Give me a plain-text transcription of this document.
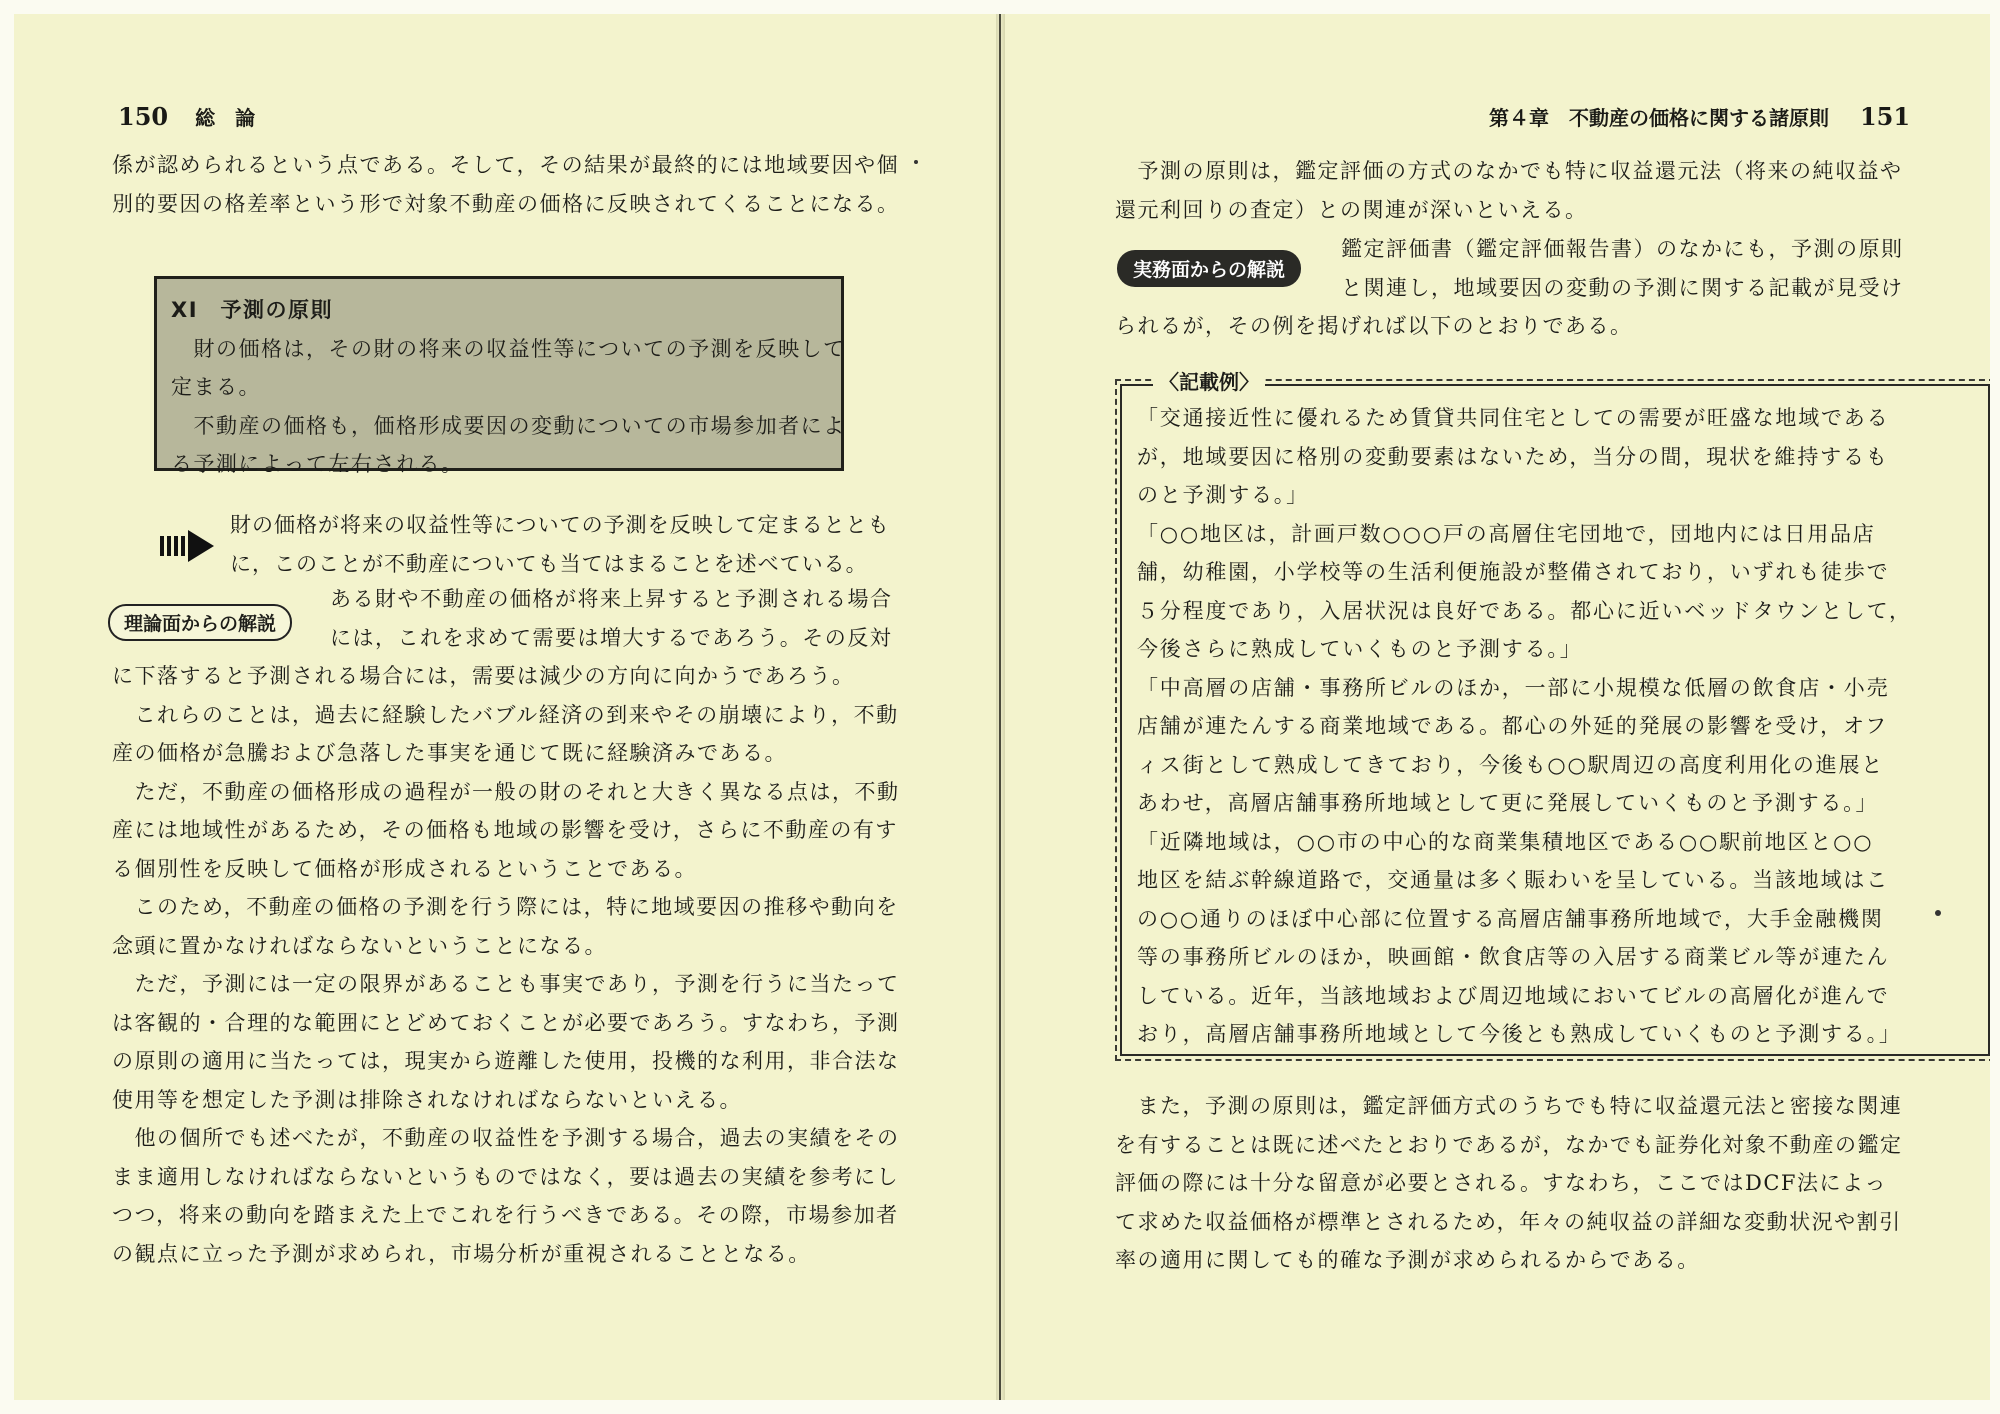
150 総　論

係が認められるという点である。そして，その結果が最終的には地域要因や個

別的要因の格差率という形で対象不動産の価格に反映されてくることになる。

XI　予測の原則

　財の価格は，その財の将来の収益性等についての予測を反映して

定まる。

　不動産の価格も，価格形成要因の変動についての市場参加者によ

る予測によって左右される。

財の価格が将来の収益性等についての予測を反映して定まるととも

に，このことが不動産についても当てはまることを述べている。

理論面からの解説

ある財や不動産の価格が将来上昇すると予測される場合

には，これを求めて需要は増大するであろう。その反対

に下落すると予測される場合には，需要は減少の方向に向かうであろう。

　これらのことは，過去に経験したバブル経済の到来やその崩壊により，不動

産の価格が急騰および急落した事実を通じて既に経験済みである。

　ただ，不動産の価格形成の過程が一般の財のそれと大きく異なる点は，不動

産には地域性があるため，その価格も地域の影響を受け，さらに不動産の有す

る個別性を反映して価格が形成されるということである。

　このため，不動産の価格の予測を行う際には，特に地域要因の推移や動向を

念頭に置かなければならないということになる。

　ただ，予測には一定の限界があることも事実であり，予測を行うに当たって

は客観的・合理的な範囲にとどめておくことが必要であろう。すなわち，予測

の原則の適用に当たっては，現実から遊離した使用，投機的な利用，非合法な

使用等を想定した予測は排除されなければならないといえる。

　他の個所でも述べたが，不動産の収益性を予測する場合，過去の実績をその

まま適用しなければならないというものではなく，要は過去の実績を参考にし

つつ，将来の動向を踏まえた上でこれを行うべきである。その際，市場参加者

の観点に立った予測が求められ，市場分析が重視されることとなる。

第４章　不動産の価格に関する諸原則 151

　予測の原則は，鑑定評価の方式のなかでも特に収益還元法（将来の純収益や

還元利回りの査定）との関連が深いといえる。

実務面からの解説

鑑定評価書（鑑定評価報告書）のなかにも，予測の原則

と関連し，地域要因の変動の予測に関する記載が見受け

られるが，その例を掲げれば以下のとおりである。

〈記載例〉

「交通接近性に優れるため賃貸共同住宅としての需要が旺盛な地域である

が，地域要因に格別の変動要素はないため，当分の間，現状を維持するも

のと予測する。」

「○○地区は，計画戸数○○○戸の高層住宅団地で，団地内には日用品店

舗，幼稚園，小学校等の生活利便施設が整備されており，いずれも徒歩で

５分程度であり，入居状況は良好である。都心に近いベッドタウンとして，

今後さらに熟成していくものと予測する。」

「中高層の店舗・事務所ビルのほか，一部に小規模な低層の飲食店・小売

店舗が連たんする商業地域である。都心の外延的発展の影響を受け，オフ

ィス街として熟成してきており，今後も○○駅周辺の高度利用化の進展と

あわせ，高層店舗事務所地域として更に発展していくものと予測する。」

「近隣地域は，○○市の中心的な商業集積地区である○○駅前地区と○○

地区を結ぶ幹線道路で，交通量は多く賑わいを呈している。当該地域はこ

の○○通りのほぼ中心部に位置する高層店舗事務所地域で，大手金融機関

等の事務所ビルのほか，映画館・飲食店等の入居する商業ビル等が連たん

している。近年，当該地域および周辺地域においてビルの高層化が進んで

おり，高層店舗事務所地域として今後とも熟成していくものと予測する。」

　また，予測の原則は，鑑定評価方式のうちでも特に収益還元法と密接な関連

を有することは既に述べたとおりであるが，なかでも証券化対象不動産の鑑定

評価の際には十分な留意が必要とされる。すなわち，ここではDCF法によっ

て求めた収益価格が標準とされるため，年々の純収益の詳細な変動状況や割引

率の適用に関しても的確な予測が求められるからである。
